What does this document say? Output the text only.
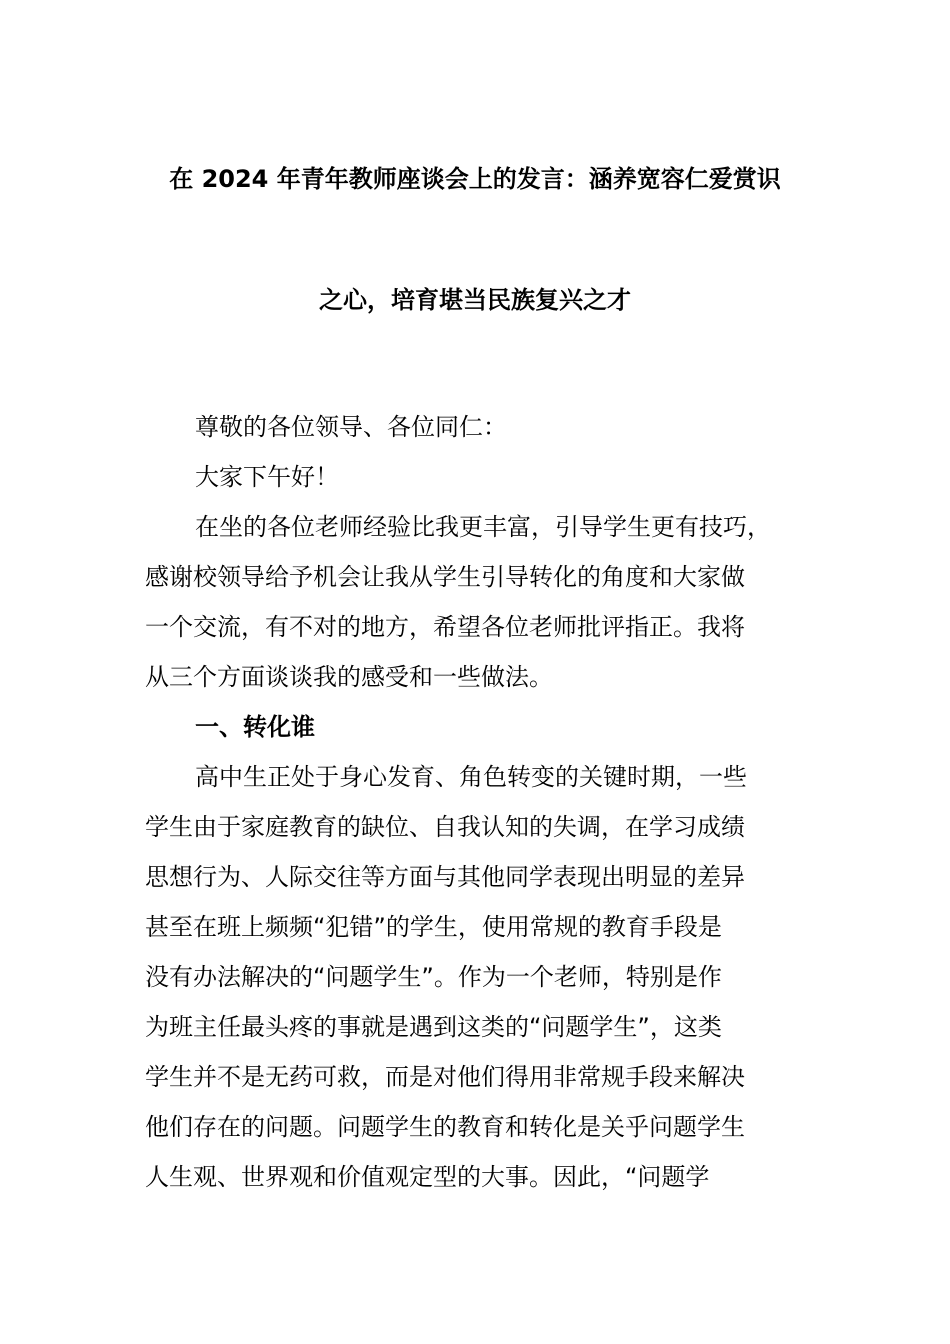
在 2024 年青年教师座谈会上的发言：涵养宽容仁爱赏识
之心，培育堪当民族复兴之才
尊敬的各位领导、各位同仁：
大家下午好！
在坐的各位老师经验比我更丰富，引导学生更有技巧，
感谢校领导给予机会让我从学生引导转化的角度和大家做
一个交流，有不对的地方，希望各位老师批评指正。我将
从三个方面谈谈我的感受和一些做法。
一、转化谁
高中生正处于身心发育、角色转变的关键时期，一些
学生由于家庭教育的缺位、自我认知的失调，在学习成绩
思想行为、人际交往等方面与其他同学表现出明显的差异
甚至在班上频频“犯错”的学生，使用常规的教育手段是
没有办法解决的“问题学生”。作为一个老师，特别是作
为班主任最头疼的事就是遇到这类的“问题学生”，这类
学生并不是无药可救，而是对他们得用非常规手段来解决
他们存在的问题。问题学生的教育和转化是关乎问题学生
人生观、世界观和价值观定型的大事。因此，“问题学
